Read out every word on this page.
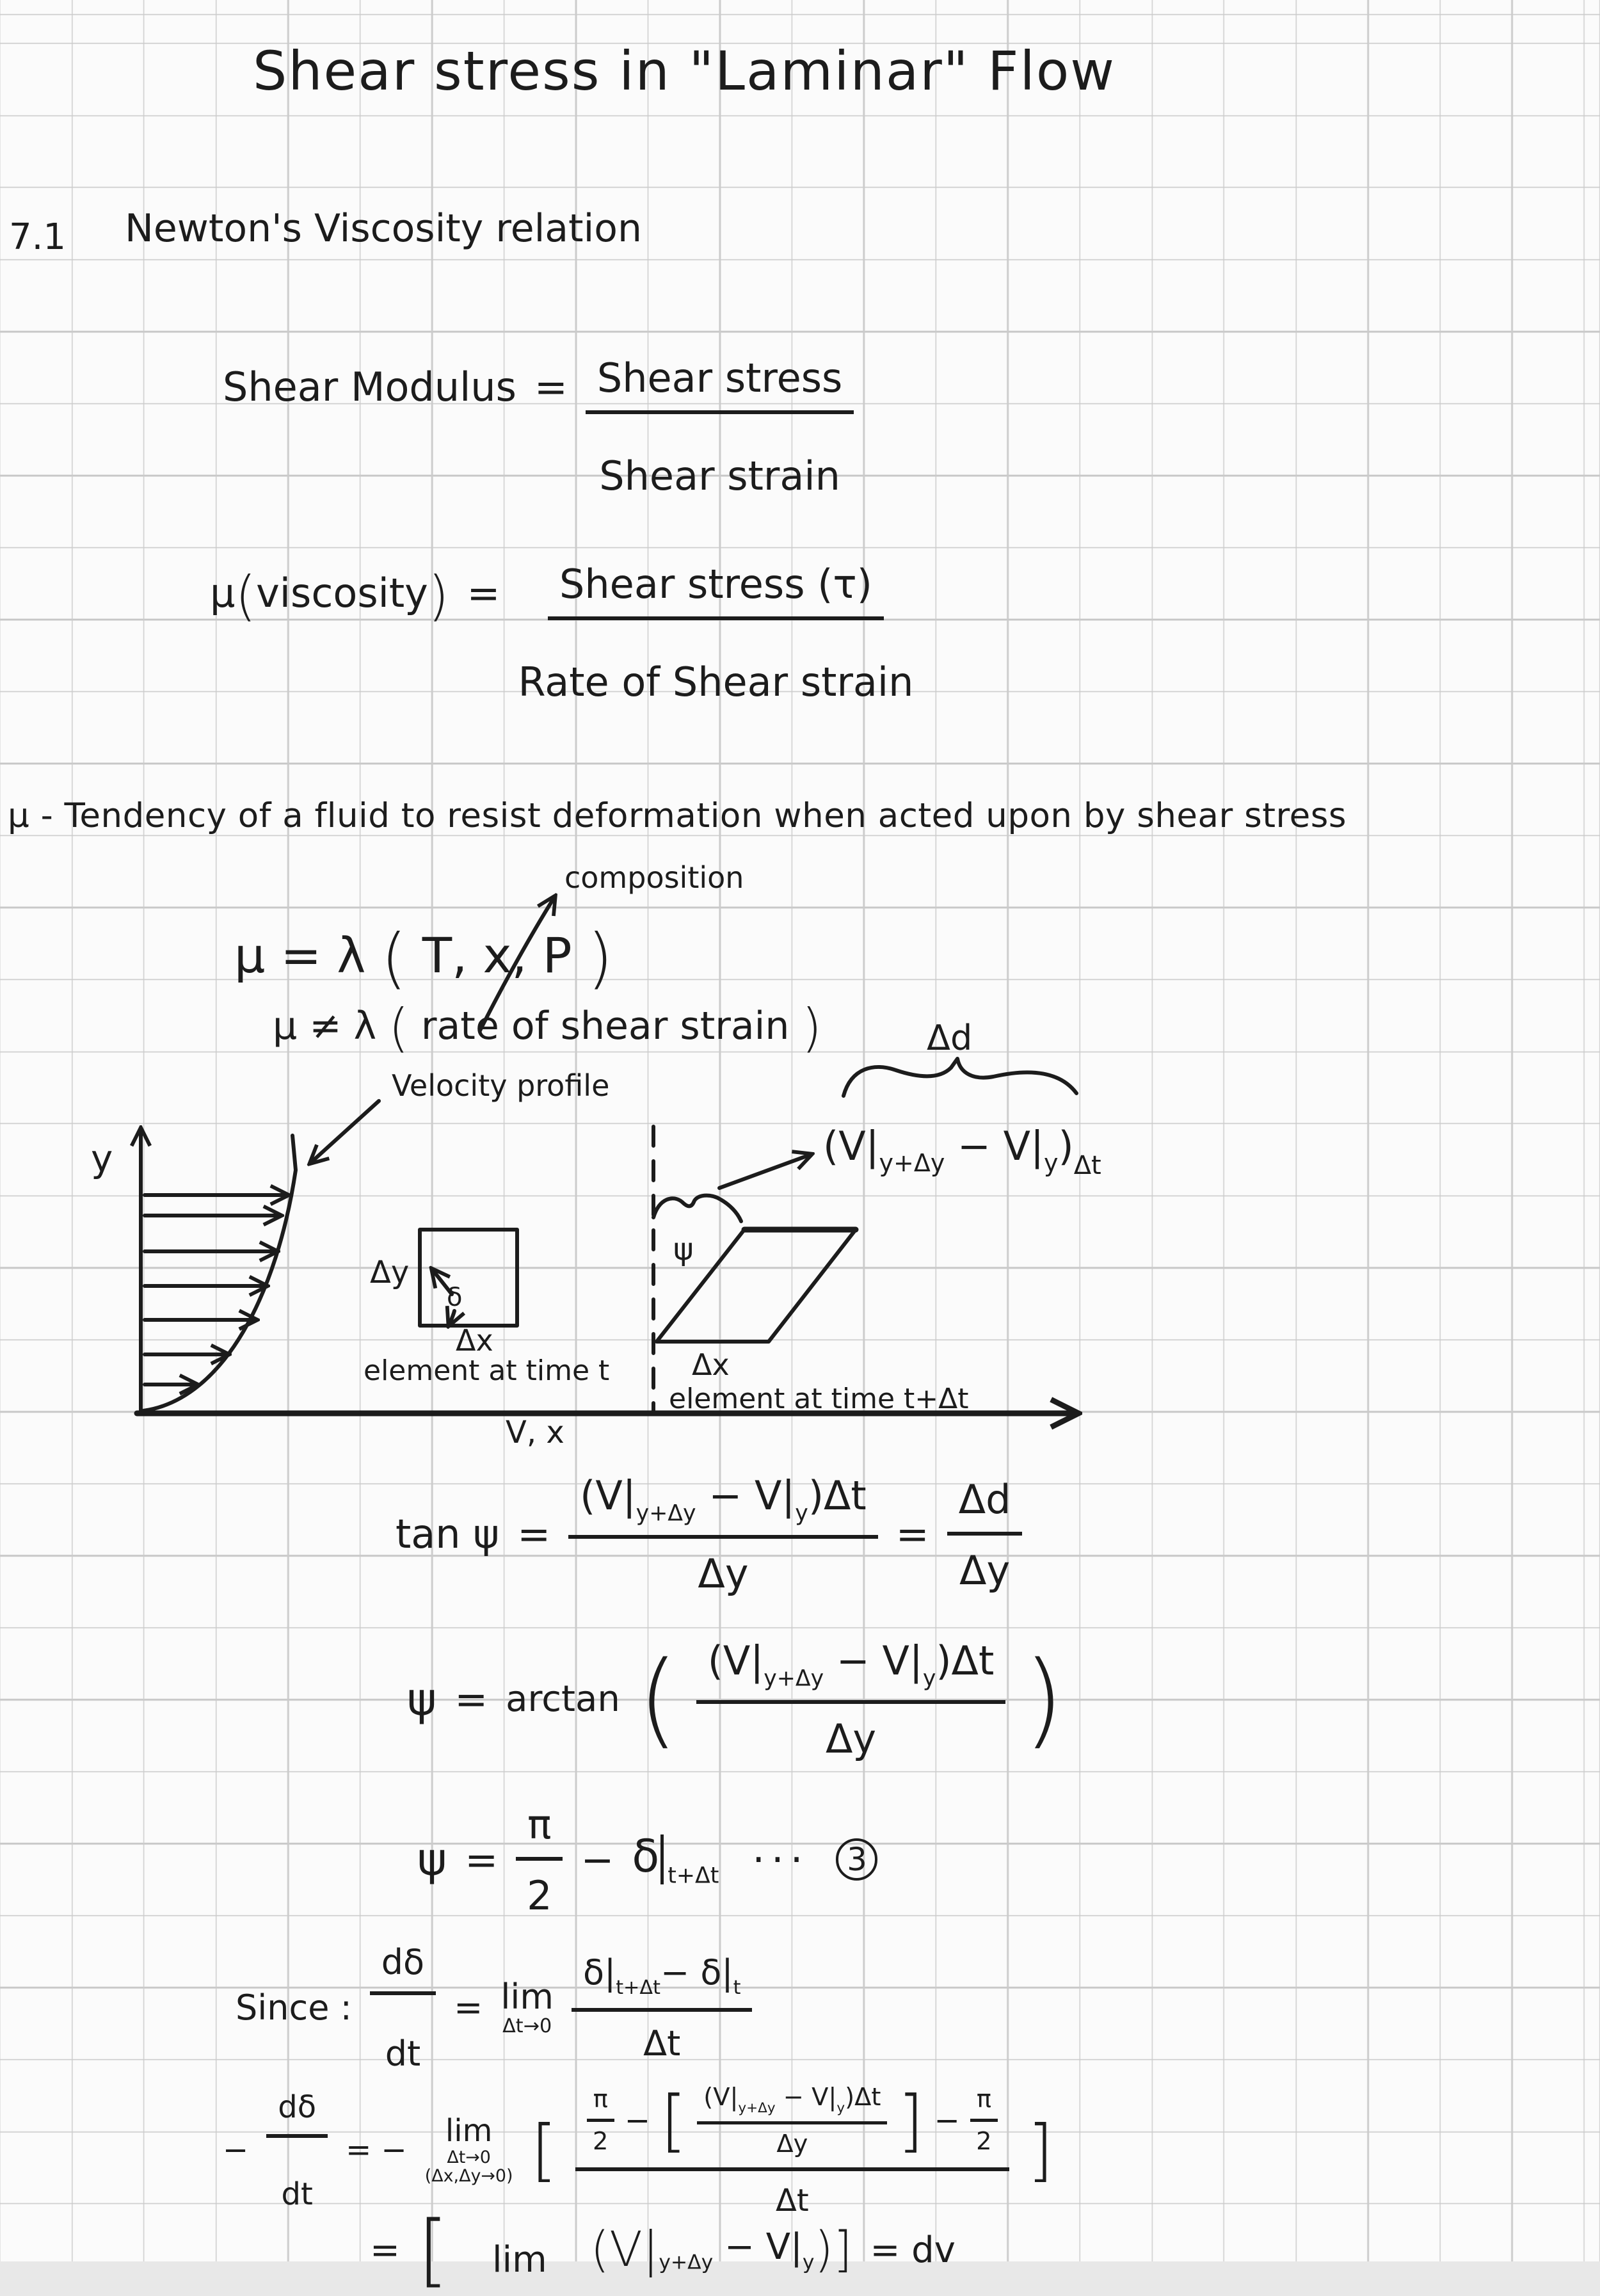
Shear stress in "Laminar" Flow
7.1 Newton's Viscosity relation
Shear Modulus = $\frac{\text{Shear stress}}{\text{Shear strain}}$
μ(viscosity) = $\frac{\text{Shear stress (τ)}}{\text{Rate of Shear strain}}$
μ - Tendency of a fluid to resist deformation when acted upon by shear stress
composition
μ = λ ( T, x, P )
μ ≠ λ ( rate of shear strain )
y
V, x
Velocity profile
Δy
δ
Δx
element at time t
ψ
Δx
element at time t+Δt
$(V|_{y+\Delta y} - V|_y)_{\Delta t}$
Δd
$\tan \psi = \frac{(V|_{y+\Delta y} - V|_y)\Delta t}{\Delta y} = \frac{\Delta d}{\Delta y}$
ψ = arctan ( $\frac{(V|_{y+\Delta y} - V|_y)\Delta t}{\Delta y}$ )
$\psi = \frac{\pi}{2} - \delta$ $_{t+\Delta t}$ ···	3
Since : $\frac{d\delta}{dt} = \lim$
$\Delta t\to 0 \frac{\delta|_{t+\Delta t}- \delta|_t}{\Delta t}$
− $\frac{d\delta}{dt}$ = −
lim
Δt→0
(Δx,Δy→0) [ $\frac{\pi}{2}$ − [ $\frac{(V|_{y+\Delta y} - V|_y)\Delta t}{\Delta y}$ ] − $\frac{\pi}{2}$
Δt
]
= [ $\lim (V|_{y+\Delta y} - V|_y)$] = dv
